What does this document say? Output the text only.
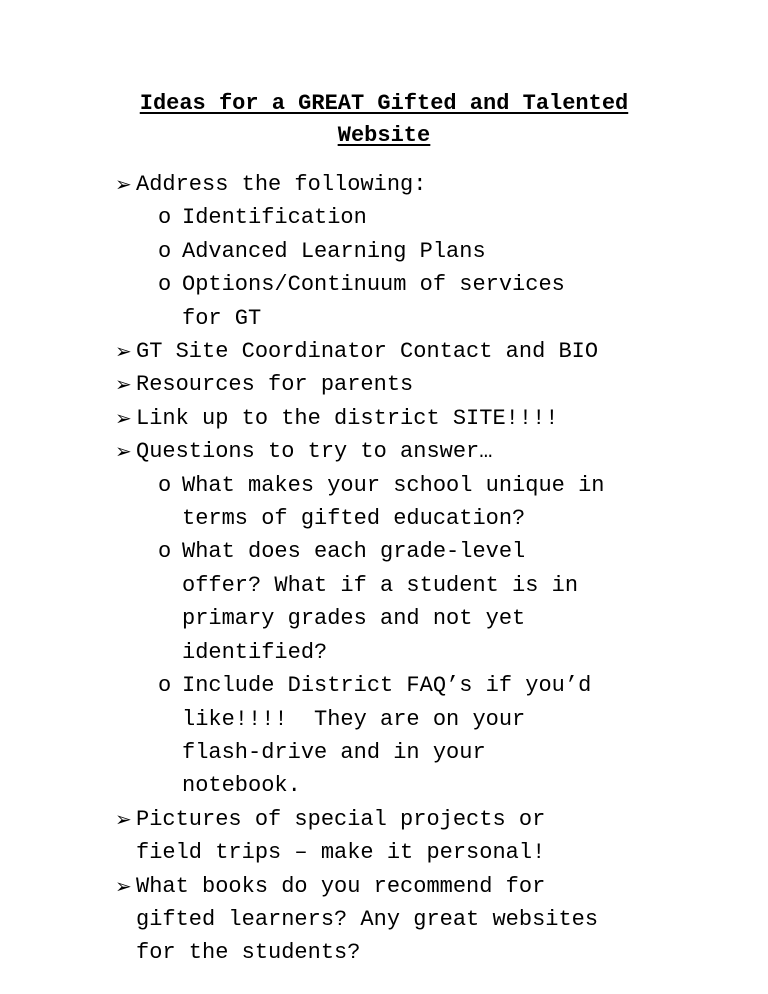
Ideas for a GREAT Gifted and Talented
Website
➢ Address the following:
o Identification
o Advanced Learning Plans
o Options/Continuum of services
for GT
➢ GT Site Coordinator Contact and BIO
➢ Resources for parents
➢ Link up to the district SITE!!!!
➢ Questions to try to answer…
o What makes your school unique in
terms of gifted education?
o What does each grade-level
offer? What if a student is in
primary grades and not yet
identified?
o Include District FAQ’s if you’d
like!!!!  They are on your
flash-drive and in your
notebook.
➢ Pictures of special projects or
field trips – make it personal!
➢ What books do you recommend for
gifted learners? Any great websites
for the students?
